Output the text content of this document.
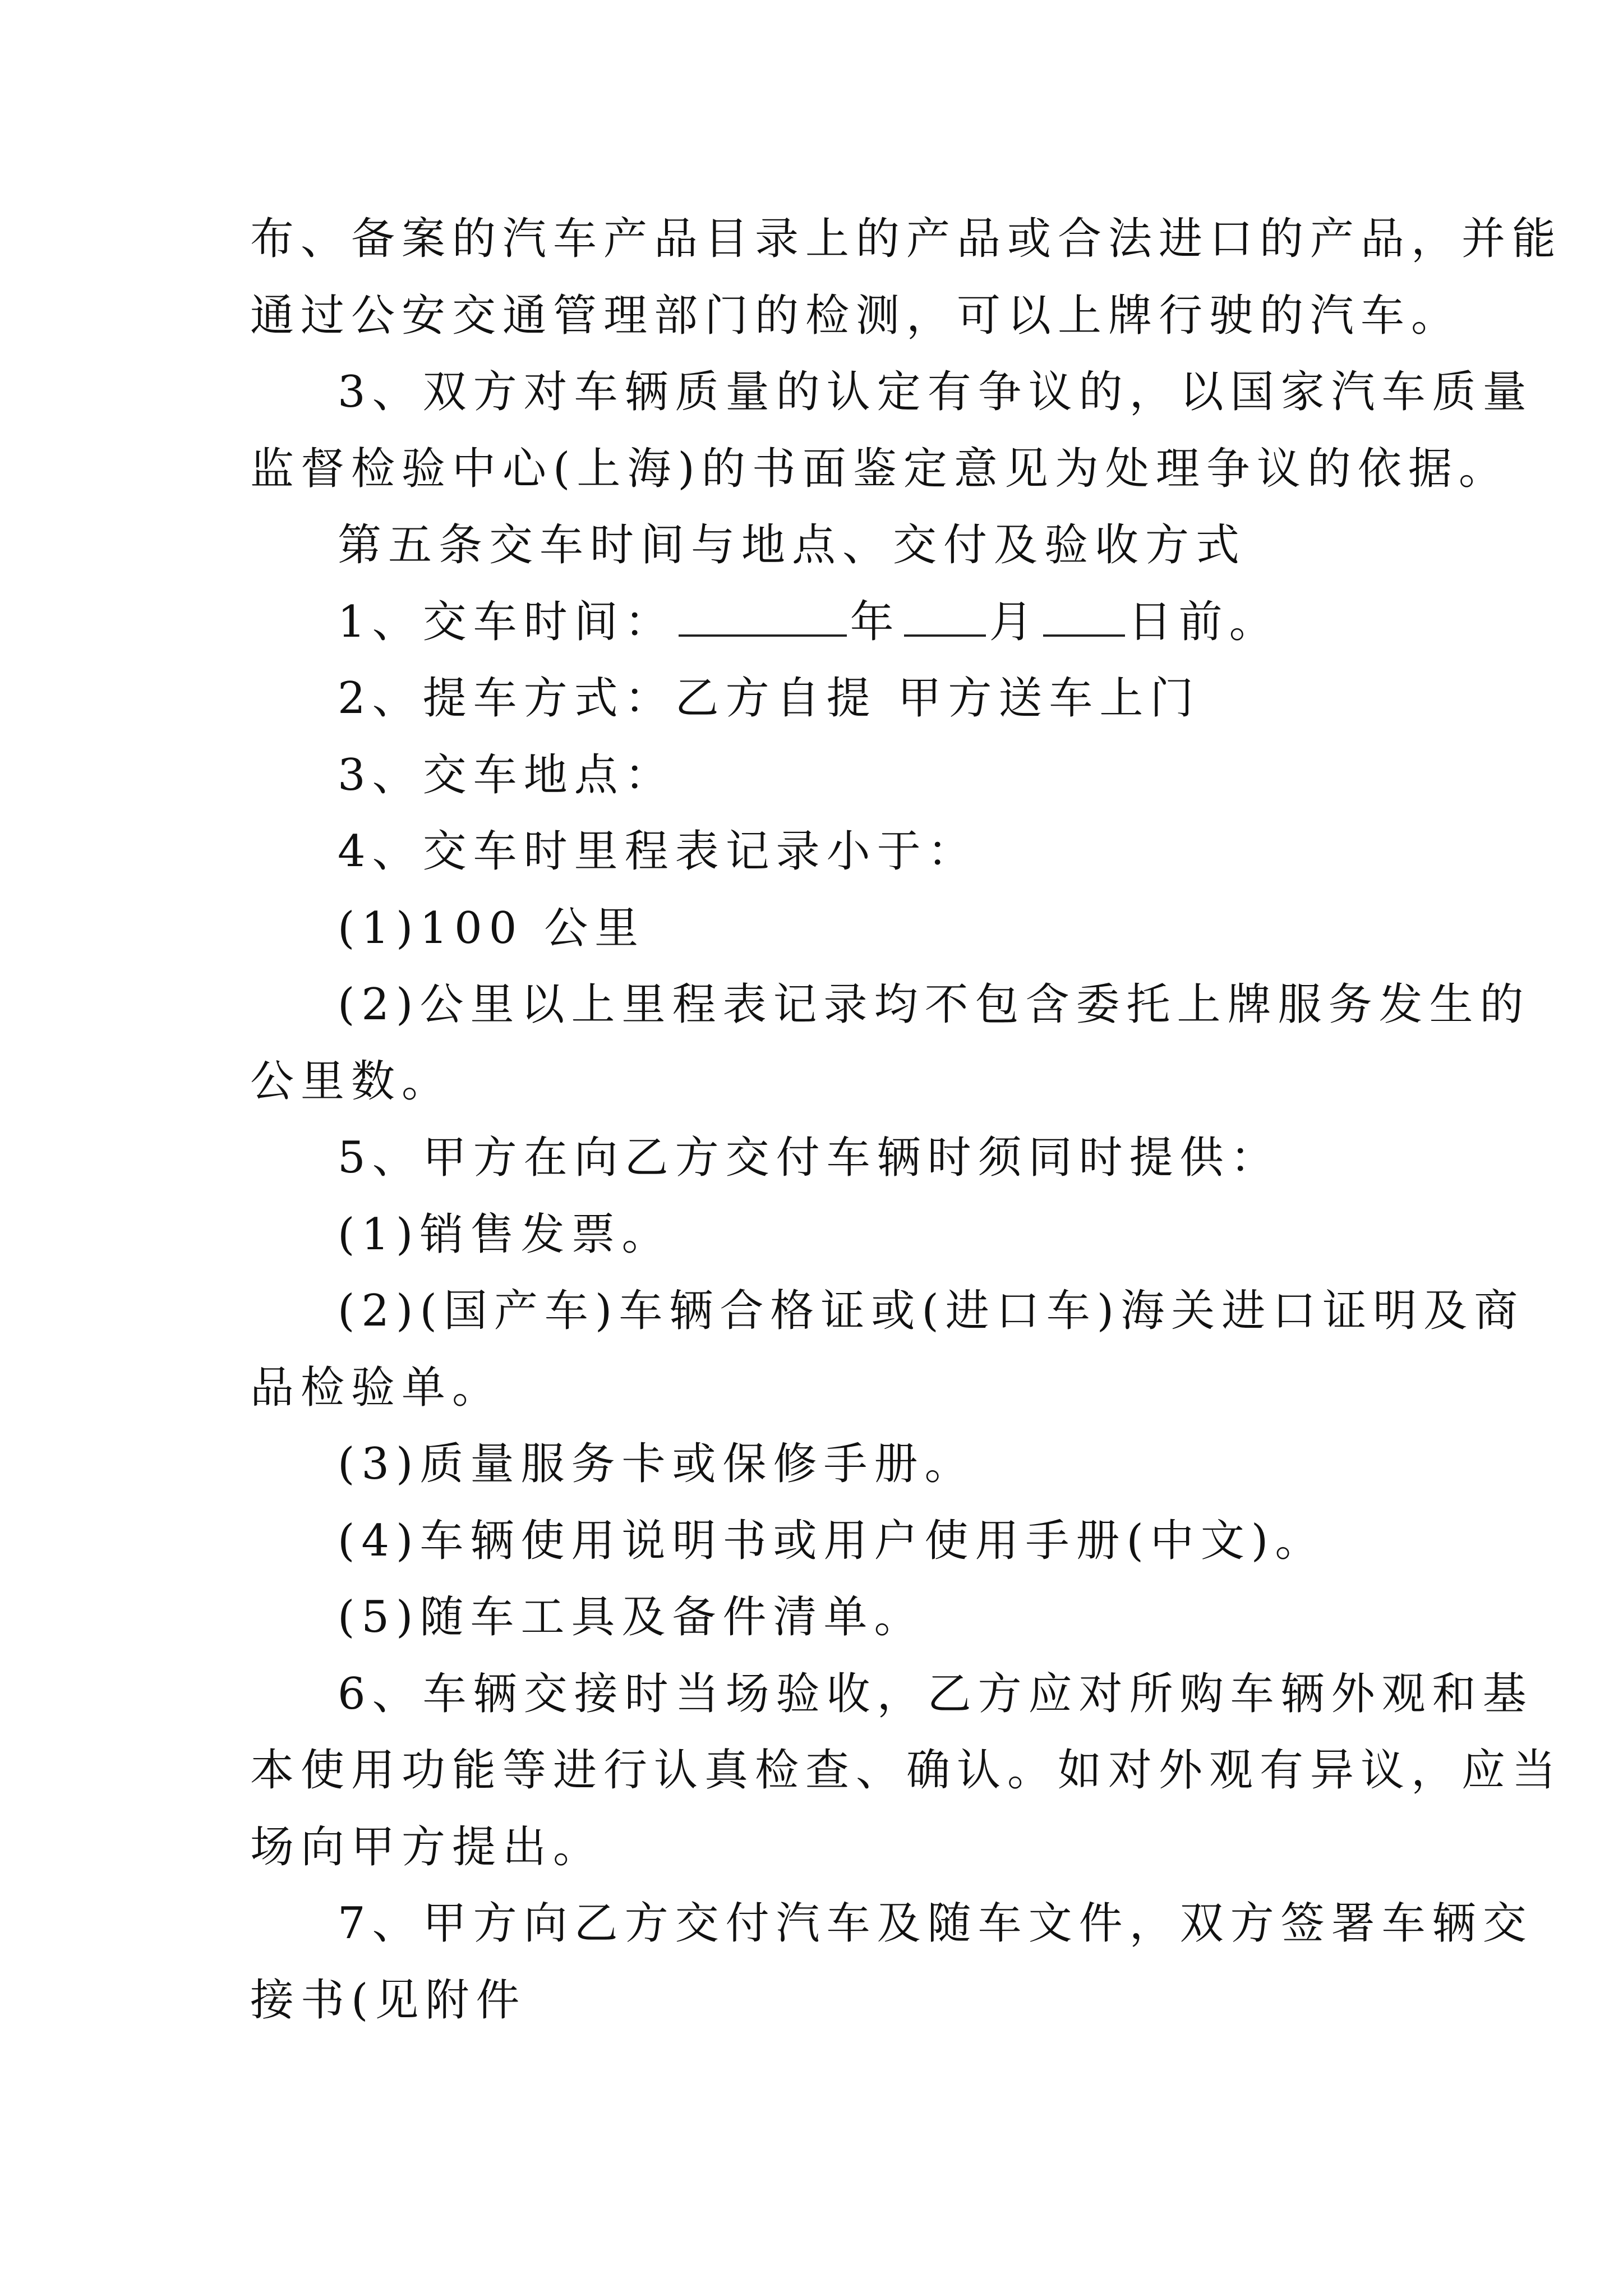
布、备案的汽车产品目录上的产品或合法进口的产品，并能
通过公安交通管理部门的检测，可以上牌行驶的汽车。
3、双方对车辆质量的认定有争议的，以国家汽车质量
监督检验中心(上海)的书面鉴定意见为处理争议的依据。
第五条交车时间与地点、交付及验收方式
1、交车时间：	年 月 日前。
2、提车方式：乙方自提 甲方送车上门
3、交车地点：
4、交车时里程表记录小于：
(1)100 公里
(2)公里以上里程表记录均不包含委托上牌服务发生的
公里数。
5、甲方在向乙方交付车辆时须同时提供：
(1)销售发票。
(2)(国产车)车辆合格证或(进口车)海关进口证明及商
品检验单。
(3)质量服务卡或保修手册。
(4)车辆使用说明书或用户使用手册(中文)。
(5)随车工具及备件清单。
6、车辆交接时当场验收，乙方应对所购车辆外观和基
本使用功能等进行认真检查、确认。如对外观有异议，应当
场向甲方提出。
7、甲方向乙方交付汽车及随车文件，双方签署车辆交
接书(见附件
